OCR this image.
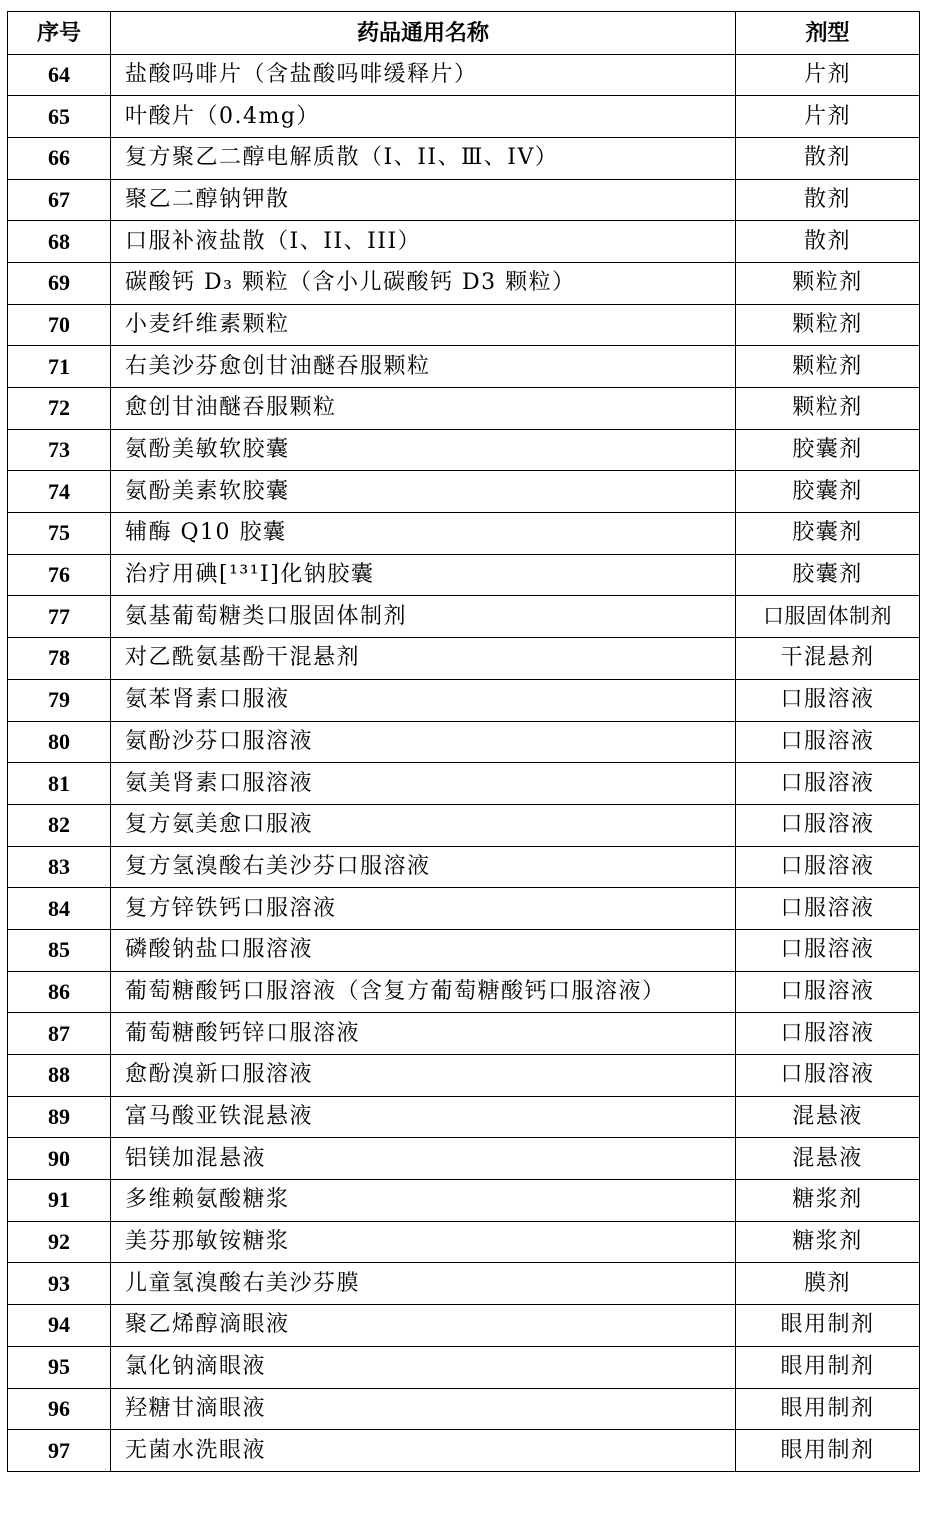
序号	药品通用名称	剂型
64	盐酸吗啡片（含盐酸吗啡缓释片）	片剂
65	叶酸片（0.4mg）	片剂
66	复方聚乙二醇电解质散（I、II、Ⅲ、IV）	散剂
67	聚乙二醇钠钾散	散剂
68	口服补液盐散（I、II、III）	散剂
69	碳酸钙 D₃ 颗粒（含小儿碳酸钙 D3 颗粒）	颗粒剂
70	小麦纤维素颗粒	颗粒剂
71	右美沙芬愈创甘油醚吞服颗粒	颗粒剂
72	愈创甘油醚吞服颗粒	颗粒剂
73	氨酚美敏软胶囊	胶囊剂
74	氨酚美素软胶囊	胶囊剂
75	辅酶 Q10 胶囊	胶囊剂
76	治疗用碘[¹³¹I]化钠胶囊	胶囊剂
77	氨基葡萄糖类口服固体制剂	口服固体制剂
78	对乙酰氨基酚干混悬剂	干混悬剂
79	氨苯肾素口服液	口服溶液
80	氨酚沙芬口服溶液	口服溶液
81	氨美肾素口服溶液	口服溶液
82	复方氨美愈口服液	口服溶液
83	复方氢溴酸右美沙芬口服溶液	口服溶液
84	复方锌铁钙口服溶液	口服溶液
85	磷酸钠盐口服溶液	口服溶液
86	葡萄糖酸钙口服溶液（含复方葡萄糖酸钙口服溶液）	口服溶液
87	葡萄糖酸钙锌口服溶液	口服溶液
88	愈酚溴新口服溶液	口服溶液
89	富马酸亚铁混悬液	混悬液
90	铝镁加混悬液	混悬液
91	多维赖氨酸糖浆	糖浆剂
92	美芬那敏铵糖浆	糖浆剂
93	儿童氢溴酸右美沙芬膜	膜剂
94	聚乙烯醇滴眼液	眼用制剂
95	氯化钠滴眼液	眼用制剂
96	羟糖甘滴眼液	眼用制剂
97	无菌水洗眼液	眼用制剂
